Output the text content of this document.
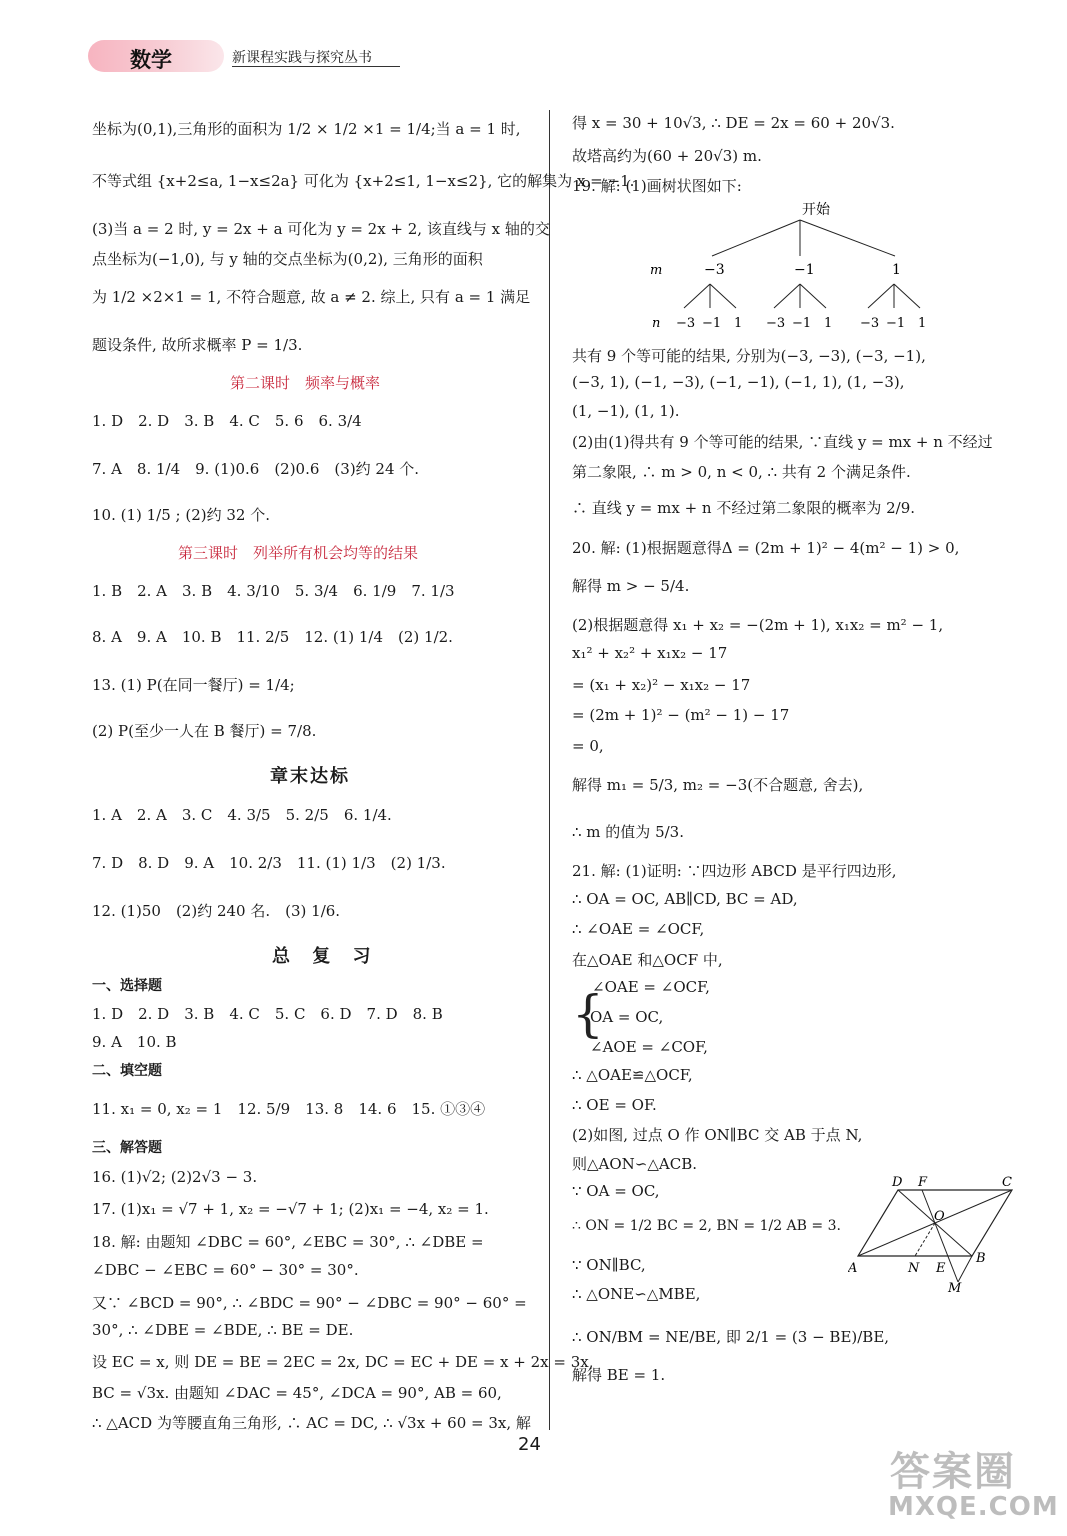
数学	新课程实践与探究丛书
坐标为(0,1),三角形的面积为 1/2 × 1/2 ×1 = 1/4;当 a = 1 时,
不等式组 {x+2≤a, 1−x≤2a} 可化为 {x+2≤1, 1−x≤2}, 它的解集为 x = −1.
(3)当 a = 2 时, y = 2x + a 可化为 y = 2x + 2, 该直线与 x 轴的交
点坐标为(−1,0), 与 y 轴的交点坐标为(0,2), 三角形的面积
为 1/2 ×2×1 = 1, 不符合题意, 故 a ≠ 2. 综上, 只有 a = 1 满足
题设条件, 故所求概率 P = 1/3.
第二课时　频率与概率
1. D　2. D　3. B　4. C　5. 6　6. 3/4
7. A　8. 1/4　9. (1)0.6　(2)0.6　(3)约 24 个.
10. (1) 1/5 ; (2)约 32 个.
第三课时　列举所有机会均等的结果
1. B　2. A　3. B　4. 3/10　5. 3/4　6. 1/9　7. 1/3
8. A　9. A　10. B　11. 2/5　12. (1) 1/4　(2) 1/2.
13. (1) P(在同一餐厅) = 1/4;
(2) P(至少一人在 B 餐厅) = 7/8.
章末达标
1. A　2. A　3. C　4. 3/5　5. 2/5　6. 1/4.
7. D　8. D　9. A　10. 2/3　11. (1) 1/3　(2) 1/3.
12. (1)50　(2)约 240 名.　(3) 1/6.
总 复 习
一、选择题
1. D　2. D　3. B　4. C　5. C　6. D　7. D　8. B
9. A　10. B
二、填空题
11. x₁ = 0, x₂ = 1　12. 5/9　13. 8　14. 6　15. ①③④
三、解答题
16. (1)√2; (2)2√3 − 3.
17. (1)x₁ = √7 + 1, x₂ = −√7 + 1; (2)x₁ = −4, x₂ = 1.
18. 解: 由题知 ∠DBC = 60°, ∠EBC = 30°, ∴ ∠DBE =
∠DBC − ∠EBC = 60° − 30° = 30°.
又∵ ∠BCD = 90°, ∴ ∠BDC = 90° − ∠DBC = 90° − 60° =
30°, ∴ ∠DBE = ∠BDE, ∴ BE = DE.
设 EC = x, 则 DE = BE = 2EC = 2x, DC = EC + DE = x + 2x = 3x,
BC = √3x. 由题知 ∠DAC = 45°, ∠DCA = 90°, AB = 60,
∴ △ACD 为等腰直角三角形, ∴ AC = DC, ∴ √3x + 60 = 3x, 解
得 x = 30 + 10√3, ∴ DE = 2x = 60 + 20√3.
故塔高约为(60 + 20√3) m.
19. 解: (1)画树状图如下:
开始
m	−3	−1	1
n −3 −1 1 −3 −1 1 −3 −1 1
共有 9 个等可能的结果, 分别为(−3, −3), (−3, −1),
(−3, 1), (−1, −3), (−1, −1), (−1, 1), (1, −3),
(1, −1), (1, 1).
(2)由(1)得共有 9 个等可能的结果, ∵直线 y = mx + n 不经过
第二象限, ∴ m > 0, n < 0, ∴ 共有 2 个满足条件.
∴ 直线 y = mx + n 不经过第二象限的概率为 2/9.
20. 解: (1)根据题意得Δ = (2m + 1)² − 4(m² − 1) > 0,
解得 m > − 5/4.
(2)根据题意得 x₁ + x₂ = −(2m + 1), x₁x₂ = m² − 1,
x₁² + x₂² + x₁x₂ − 17
= (x₁ + x₂)² − x₁x₂ − 17
= (2m + 1)² − (m² − 1) − 17
= 0,
解得 m₁ = 5/3, m₂ = −3(不合题意, 舍去),
∴ m 的值为 5/3.
21. 解: (1)证明: ∵四边形 ABCD 是平行四边形,
∴ OA = OC, AB∥CD, BC = AD,
∴ ∠OAE = ∠OCF,
在△OAE 和△OCF 中,
{
∠OAE = ∠OCF,
OA = OC,
∠AOE = ∠COF,
∴ △OAE≌△OCF,
∴ OE = OF.
(2)如图, 过点 O 作 ON∥BC 交 AB 于点 N,
则△AON∽△ACB.
∵ OA = OC,
∴ ON = 1/2 BC = 2, BN = 1/2 AB = 3.
∵ ON∥BC,
∴ △ONE∽△MBE,
∴ ON/BM = NE/BE, 即 2/1 = (3 − BE)/BE,
解得 BE = 1.
D F	C
O
B
A	N E
M
24
答案圈
MXQE.COM
